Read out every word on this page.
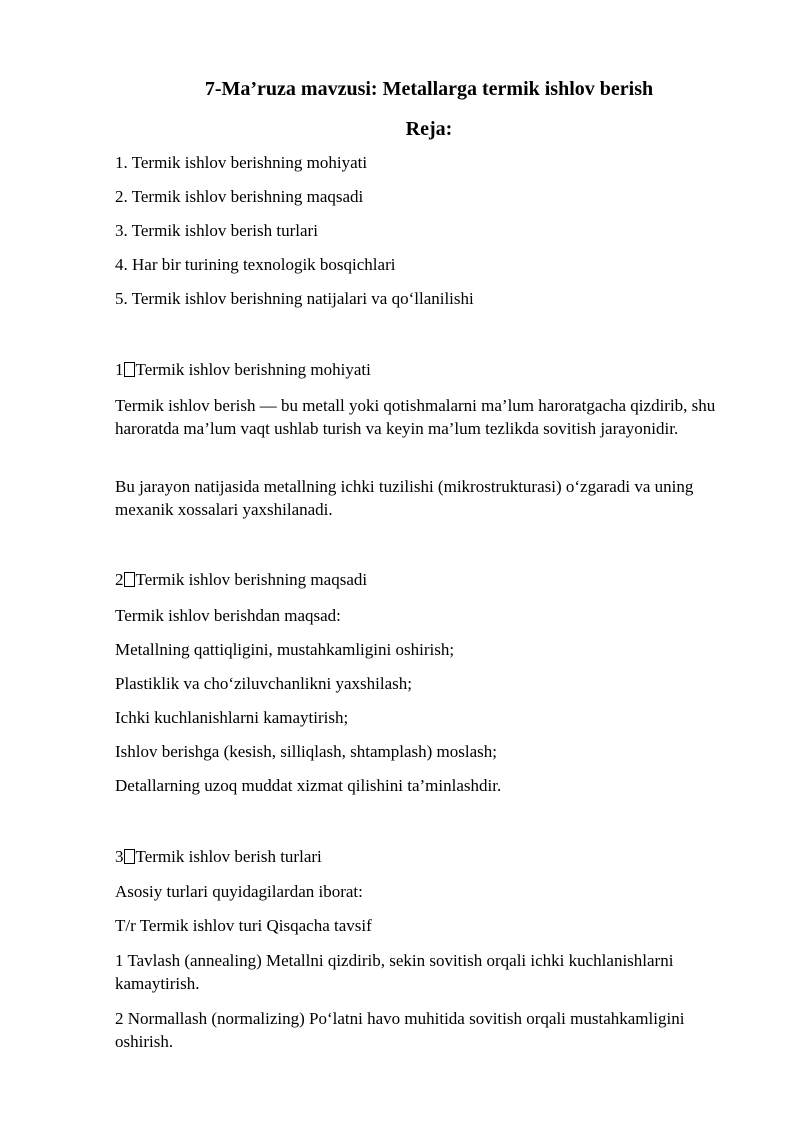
7-Ma’ruza mavzusi: Metallarga termik ishlov berish
Reja:

1. Termik ishlov berishning mohiyati

2. Termik ishlov berishning maqsadi

3. Termik ishlov berish turlari

4. Har bir turining texnologik bosqichlari

5. Termik ishlov berishning natijalari va qo‘llanilishi

1 Termik ishlov berishning mohiyati

Termik ishlov berish — bu metall yoki qotishmalarni ma’lum haroratgacha qizdirib, shu haroratda ma’lum vaqt ushlab turish va keyin ma’lum tezlikda sovitish jarayonidir.

Bu jarayon natijasida metallning ichki tuzilishi (mikrostrukturasi) o‘zgaradi va uning mexanik xossalari yaxshilanadi.

2 Termik ishlov berishning maqsadi

Termik ishlov berishdan maqsad:

Metallning qattiqligini, mustahkamligini oshirish;

Plastiklik va cho‘ziluvchanlikni yaxshilash;

Ichki kuchlanishlarni kamaytirish;

Ishlov berishga (kesish, silliqlash, shtamplash) moslash;

Detallarning uzoq muddat xizmat qilishini ta’minlashdir.

3 Termik ishlov berish turlari

Asosiy turlari quyidagilardan iborat:

T/r Termik ishlov turi Qisqacha tavsif

1 Tavlash (annealing) Metallni qizdirib, sekin sovitish orqali ichki kuchlanishlarni kamaytirish.

2 Normallash (normalizing) Po‘latni havo muhitida sovitish orqali mustahkamligini oshirish.
